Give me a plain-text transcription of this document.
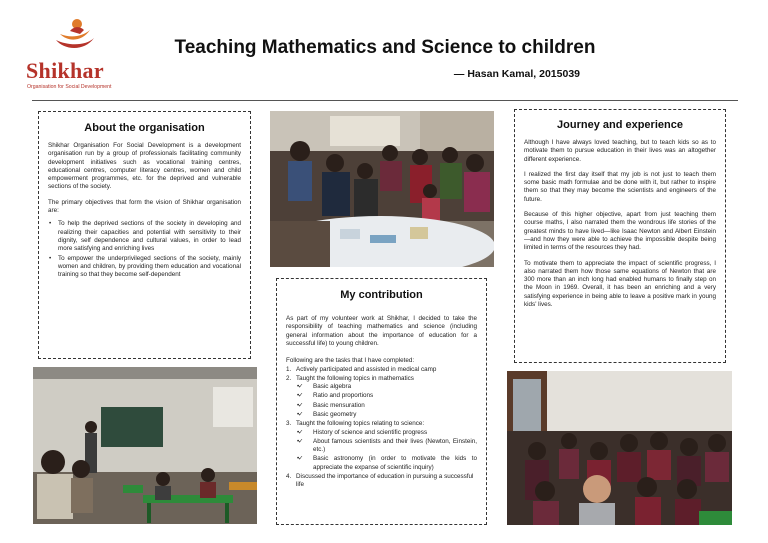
Shikhar
Organisation for Social Development
Teaching Mathematics and Science to children
— Hasan Kamal, 2015039
About the organisation

Shikhar Organisation For Social Development is a development organisation run by a group of professionals facilitating community development initiatives such as vocational training centres, educational centres, computer literacy centres, women and child empowerment programmes, etc. for the deprived and vulnerable sections of the society.

The primary objectives that form the vision of Shikhar organisation are:

• To help the deprived sections of the society in developing and realizing their capacities and potential with sensitivity to their dignity, self dependence and cultural values, in order to lead more satisfying and enriching lives
• To empower the underprivileged sections of the society, mainly women and children, by providing them education and vocational training so that they become self-dependent
Journey and experience

Although I have always loved teaching, but to teach kids so as to motivate them to pursue education in their lives was an altogether different experience.

I realized the first day itself that my job is not just to teach them some basic math formulae and be done with it, but rather to inspire them so that they may become the scientists and engineers of the future.

Because of this higher objective, apart from just teaching them course maths, I also narrated them the wondrous life stories of the greatest minds to have lived—like Isaac Newton and Albert Einstein—and how they were able to achieve the impossible despite being limited in terms of the resources they had.

To motivate them to appreciate the impact of scientific progress, I also narrated them how those same equations of Newton that are 300 more than an inch long had enabled humans to finally step on the Moon in 1969. Overall, it has been an enriching and a very satisfying experience in being able to leave a positive mark in young kids' lives.

My contribution

As part of my volunteer work at Shikhar, I decided to take the responsibility of teaching mathematics and science (including general information about the importance of education for a successful life) to young children.

Following are the tasks that I have completed:
1. Actively participated and assisted in medical camp
2. Taught the following topics in mathematics
• ✓ Basic algebra
• ✓ Ratio and proportions
• ✓ Basic mensuration
• ✓ Basic geometry
3. Taught the following topics relating to science:
• ✓ History of science and scientific progress
• ✓ About famous scientists and their lives (Newton, Einstein, etc.)
• ✓ Basic astronomy (in order to motivate the kids to appreciate the expanse of scientific inquiry)
4. Discussed the importance of education in pursuing a successful life
